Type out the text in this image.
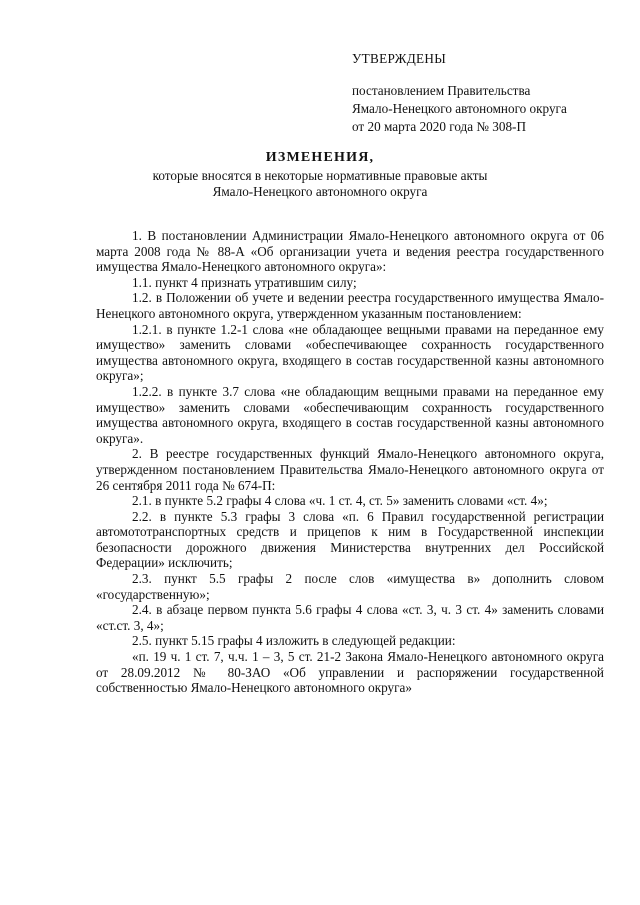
УТВЕРЖДЕНЫ
постановлением Правительства
Ямало-Ненецкого автономного округа
от 20 марта 2020 года № 308-П
ИЗМЕНЕНИЯ,
которые вносятся в некоторые нормативные правовые акты
Ямало-Ненецкого автономного округа

1. В постановлении Администрации Ямало-Ненецкого автономного округа от 06 марта 2008 года № 88-А «Об организации учета и ведения реестра государственного имущества Ямало-Ненецкого автономного округа»:

1.1. пункт 4 признать утратившим силу;

1.2. в Положении об учете и ведении реестра государственного имущества Ямало-Ненецкого автономного округа, утвержденном указанным постановлением:

1.2.1. в пункте 1.2-1 слова «не обладающее вещными правами на переданное ему имущество» заменить словами «обеспечивающее сохранность государственного имущества автономного округа, входящего в состав государственной казны автономного округа»;

1.2.2. в пункте 3.7 слова «не обладающим вещными правами на переданное ему имущество» заменить словами «обеспечивающим сохранность государственного имущества автономного округа, входящего в состав государственной казны автономного округа».

2. В реестре государственных функций Ямало-Ненецкого автономного округа, утвержденном постановлением Правительства Ямало-Ненецкого автономного округа от 26 сентября 2011 года № 674-П:

2.1. в пункте 5.2 графы 4 слова «ч. 1 ст. 4, ст. 5» заменить словами «ст. 4»;

2.2. в пункте 5.3 графы 3 слова «п. 6 Правил государственной регистрации автомототранспортных средств и прицепов к ним в Государственной инспекции безопасности дорожного движения Министерства внутренних дел Российской Федерации» исключить;

2.3. пункт 5.5 графы 2 после слов «имущества в» дополнить словом «государственную»;

2.4. в абзаце первом пункта 5.6 графы 4 слова «ст. 3, ч. 3 ст. 4» заменить словами «ст.ст. 3, 4»;

2.5. пункт 5.15 графы 4 изложить в следующей редакции:

«п. 19 ч. 1 ст. 7, ч.ч. 1 – 3, 5 ст. 21-2 Закона Ямало-Ненецкого автономного округа от 28.09.2012 № 80-ЗАО «Об управлении и распоряжении государственной собственностью Ямало-Ненецкого автономного округа»
